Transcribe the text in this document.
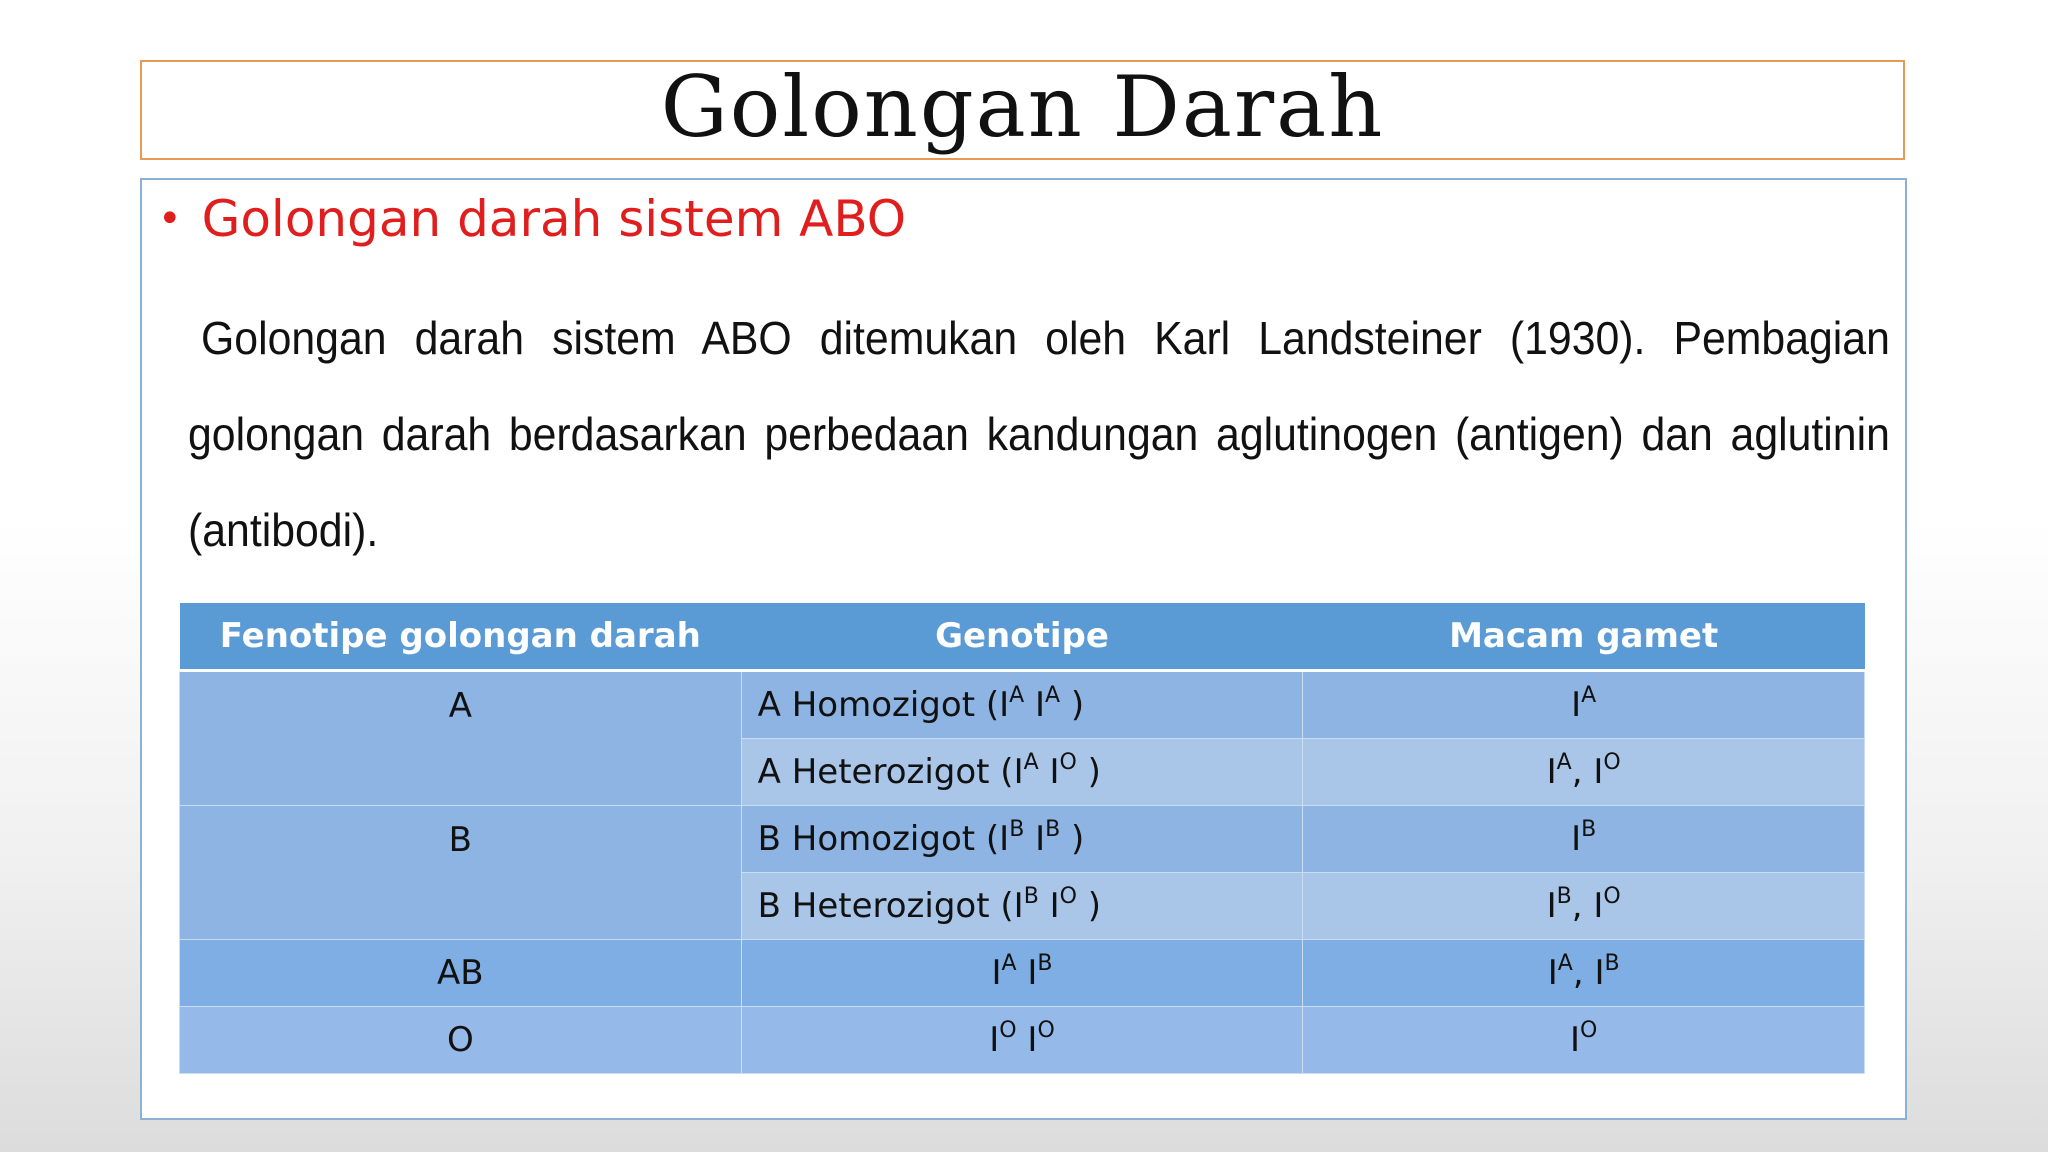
Golongan Darah
• Golongan darah sistem ABO
Golongan darah sistem ABO ditemukan oleh Karl Landsteiner (1930). Pembagian golongan darah berdasarkan perbedaan kandungan aglutinogen (antigen) dan aglutinin (antibodi).
Fenotipe golongan darah	Genotipe	Macam gamet
A	A Homozigot ($I^A$ $I^A$ )	$I^A$
	A Heterozigot ($I^A$ $I^O$ )	$I^A$, $I^O$
B	B Homozigot ($I^B$ $I^B$ )	$I^B$
	B Heterozigot ($I^B$ $I^O$ )	$I^B$, $I^O$
AB	$I^A$ $I^B$	$I^A$, $I^B$
O	$I^O$ $I^O$	$I^O$
